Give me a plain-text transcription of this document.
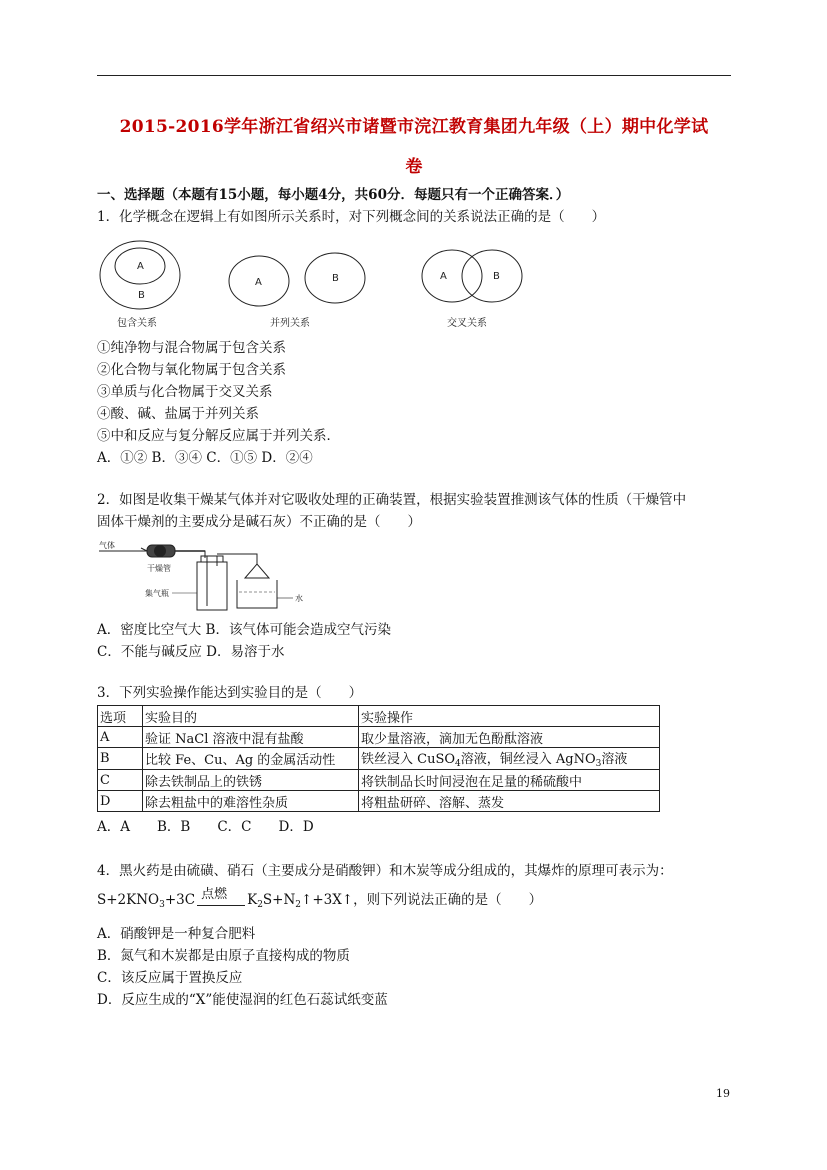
2015-2016学年浙江省绍兴市诸暨市浣江教育集团九年级（上）期中化学试
卷
一、选择题（本题有15小题，每小题4分，共60分．每题只有一个正确答案．）
1．化学概念在逻辑上有如图所示关系时，对下列概念间的关系说法正确的是（　　）
A
B
包含关系
A	B
并列关系
A	B
交叉关系
①纯净物与混合物属于包含关系
②化合物与氧化物属于包含关系
③单质与化合物属于交叉关系
④酸、碱、盐属于并列关系
⑤中和反应与复分解反应属于并列关系．
A．①② B．③④ C．①⑤ D．②④
2．如图是收集干燥某气体并对它吸收处理的正确装置，根据实验装置推测该气体的性质（干燥管中
固体干燥剂的主要成分是碱石灰）不正确的是（　　）
气体
干燥管
集气瓶
水
A．密度比空气大 B．该气体可能会造成空气污染
C．不能与碱反应 D．易溶于水
3．下列实验操作能达到实验目的是（　　）
选项	实验目的	实验操作
A	验证 NaCl 溶液中混有盐酸	取少量溶液，滴加无色酚酞溶液
B	比较 Fe、Cu、Ag 的金属活动性	铁丝浸入 CuSO$_4$溶液，铜丝浸入 AgNO$_3$溶液
C	除去铁制品上的铁锈	将铁制品长时间浸泡在足量的稀硫酸中
D	除去粗盐中的难溶性杂质	将粗盐研碎、溶解、蒸发
A．A　　B．B　　C．C　　D．D
4．黑火药是由硫磺、硝石（主要成分是硝酸钾）和木炭等成分组成的，其爆炸的原理可表示为：
$S+2KNO_3+3C$ 点燃 $K_2S+N_2↑+3X↑$，则下列说法正确的是（　　）
A．硝酸钾是一种复合肥料
B．氮气和木炭都是由原子直接构成的物质
C．该反应属于置换反应
D．反应生成的“X”能使湿润的红色石蕊试纸变蓝
19
